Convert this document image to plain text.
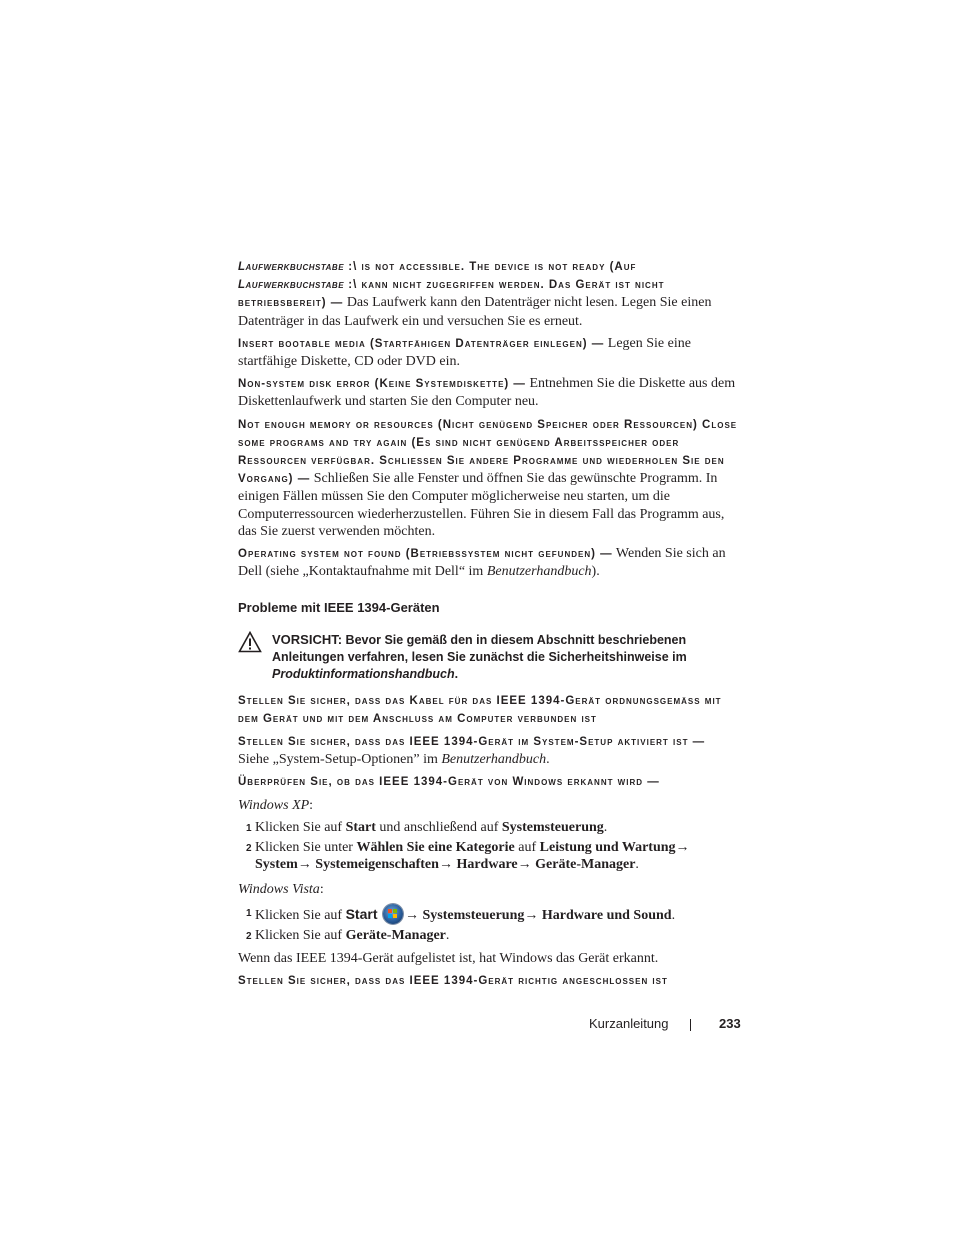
Laufwerkbuchstabe :\ is not accessible. The device is not ready (Auf Laufwerkbuchstabe :\ kann nicht zugegriffen werden. Das Gerät ist nicht betriebsbereit) — Das Laufwerk kann den Datenträger nicht lesen. Legen Sie einen Datenträger in das Laufwerk ein und versuchen Sie es erneut.

Insert bootable media (Startfähigen Datenträger einlegen) — Legen Sie eine startfähige Diskette, CD oder DVD ein.

Non-system disk error (Keine Systemdiskette) — Entnehmen Sie die Diskette aus dem Diskettenlaufwerk und starten Sie den Computer neu.

Not enough memory or resources (Nicht genügend Speicher oder Ressourcen) Close some programs and try again (Es sind nicht genügend Arbeitsspeicher oder Ressourcen verfügbar. Schliessen Sie andere Programme und wiederholen Sie den Vorgang) — Schließen Sie alle Fenster und öffnen Sie das gewünschte Programm. In einigen Fällen müssen Sie den Computer möglicherweise neu starten, um die Computerressourcen wiederherzustellen. Führen Sie in diesem Fall das Programm aus, das Sie zuerst verwenden möchten.

Operating system not found (Betriebssystem nicht gefunden) — Wenden Sie sich an Dell (siehe „Kontaktaufnahme mit Dell“ im Benutzerhandbuch).

Probleme mit IEEE 1394-Geräten

VORSICHT: Bevor Sie gemäß den in diesem Abschnitt beschriebenen Anleitungen verfahren, lesen Sie zunächst die Sicherheitshinweise im Produktinformationshandbuch.

Stellen Sie sicher, dass das Kabel für das IEEE 1394-Gerät ordnungsgemäss mit dem Gerät und mit dem Anschluss am Computer verbunden ist

Stellen Sie sicher, dass das IEEE 1394-Gerät im System-Setup aktiviert ist — Siehe „System-Setup-Optionen” im Benutzerhandbuch.

Überprüfen Sie, ob das IEEE 1394-Gerät von Windows erkannt wird —

Windows XP:

1 Klicken Sie auf Start und anschließend auf Systemsteuerung.

2 Klicken Sie unter Wählen Sie eine Kategorie auf Leistung und Wartung→ System→ Systemeigenschaften→ Hardware→ Geräte-Manager.

Windows Vista:

1 Klicken Sie auf Start → Systemsteuerung→ Hardware und Sound.

2 Klicken Sie auf Geräte-Manager.

Wenn das IEEE 1394-Gerät aufgelistet ist, hat Windows das Gerät erkannt.

Stellen Sie sicher, dass das IEEE 1394-Gerät richtig angeschlossen ist

Kurzanleitung	233
